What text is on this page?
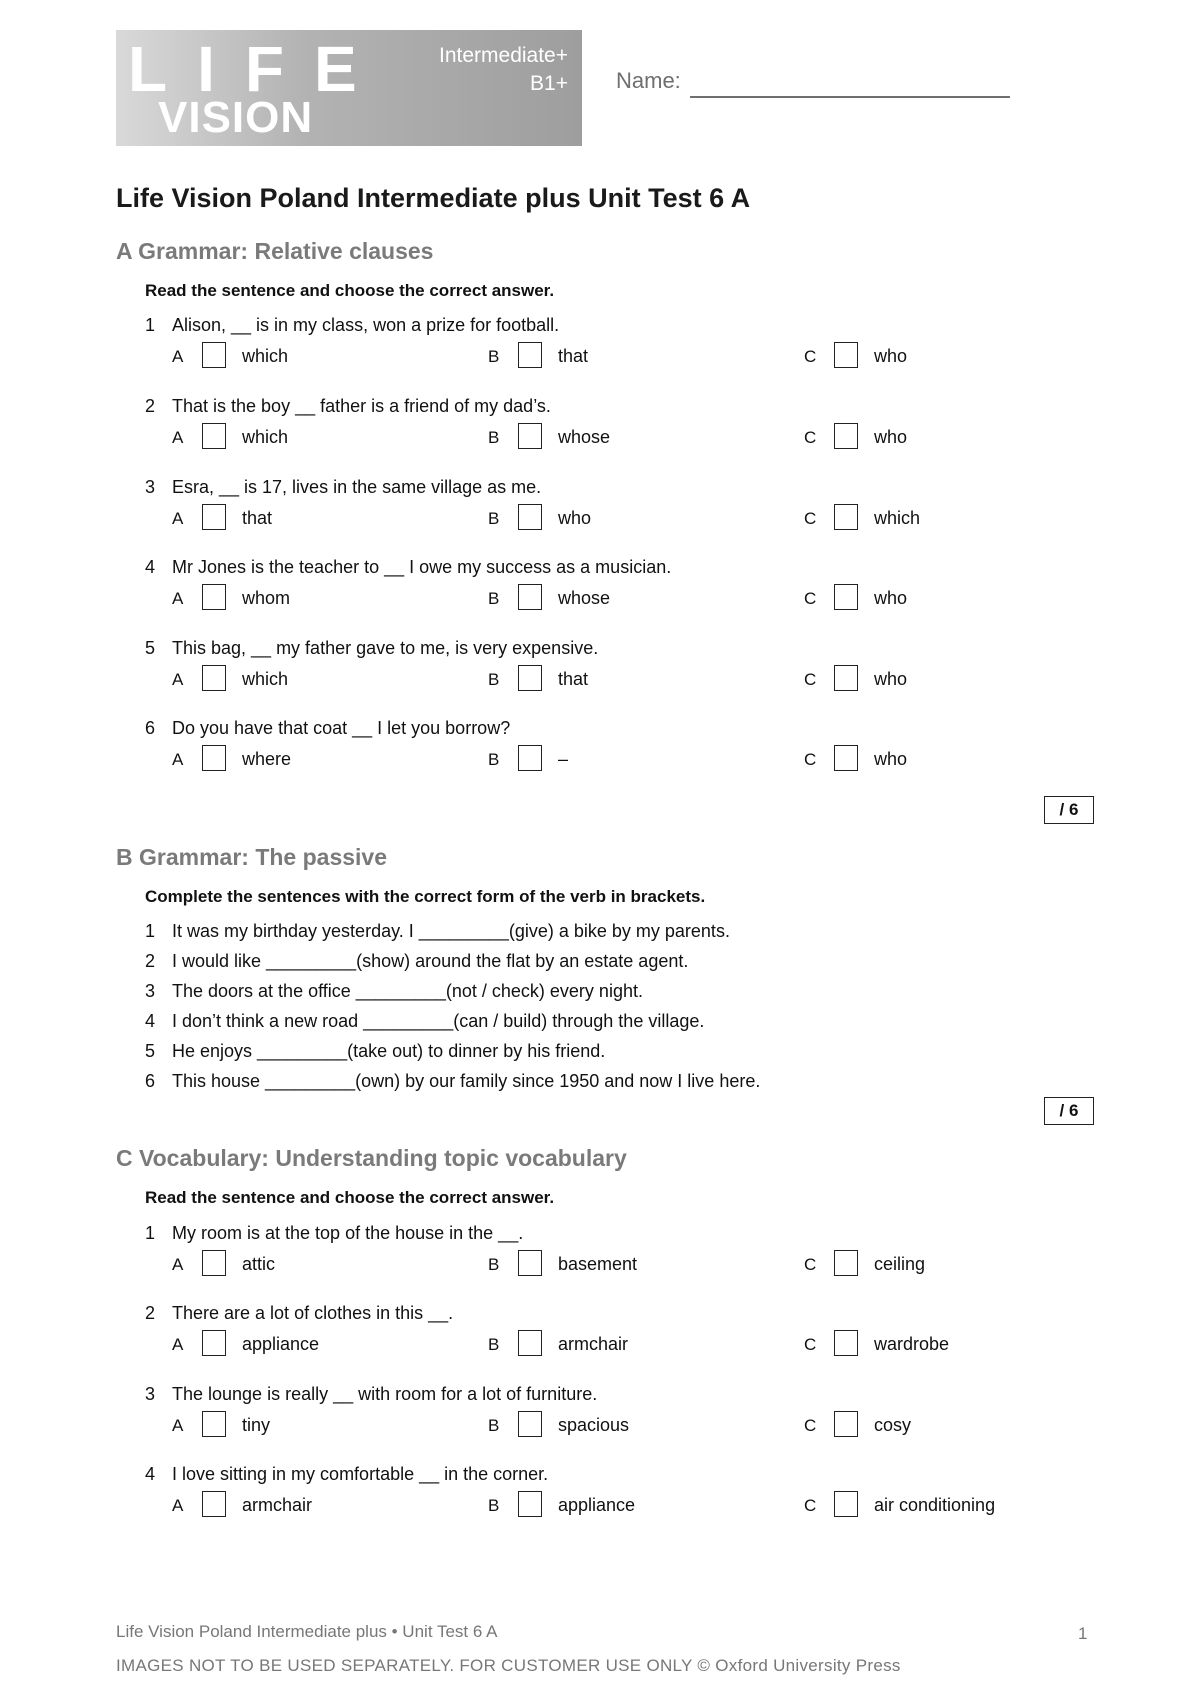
LIFE
VISION
Intermediate+
B1+ Name:
Life Vision Poland Intermediate plus Unit Test 6 A
A Grammar: Relative clauses
Read the sentence and choose the correct answer.
1 Alison, __ is in my class, won a prize for football.
A	which	B	that	C	who
2 That is the boy __ father is a friend of my dad’s.
A	which	B	whose	C	who
3 Esra, __ is 17, lives in the same village as me.
A	that	B	who	C	which
4 Mr Jones is the teacher to __ I owe my success as a musician.
A	whom	B	whose	C	who
5 This bag, __ my father gave to me, is very expensive.
A	which	B	that	C	who
6 Do you have that coat __ I let you borrow?
A	where	B	–	C	who
/ 6
B Grammar: The passive
Complete the sentences with the correct form of the verb in brackets.
1 It was my birthday yesterday. I _________(give) a bike by my parents.
2 I would like _________(show) around the flat by an estate agent.
3 The doors at the office _________(not / check) every night.
4 I don’t think a new road _________(can / build) through the village.
5 He enjoys _________(take out) to dinner by his friend.
6 This house _________(own) by our family since 1950 and now I live here.
/ 6
C Vocabulary: Understanding topic vocabulary
Read the sentence and choose the correct answer.
1 My room is at the top of the house in the __.
A	attic	B	basement	C	ceiling
2 There are a lot of clothes in this __.
A	appliance	B	armchair	C	wardrobe
3 The lounge is really __ with room for a lot of furniture.
A	tiny	B	spacious	C	cosy
4 I love sitting in my comfortable __ in the corner.
A	armchair	B	appliance	C	air conditioning
Life Vision Poland Intermediate plus • Unit Test 6 A	1
IMAGES NOT TO BE USED SEPARATELY. FOR CUSTOMER USE ONLY © Oxford University Press
